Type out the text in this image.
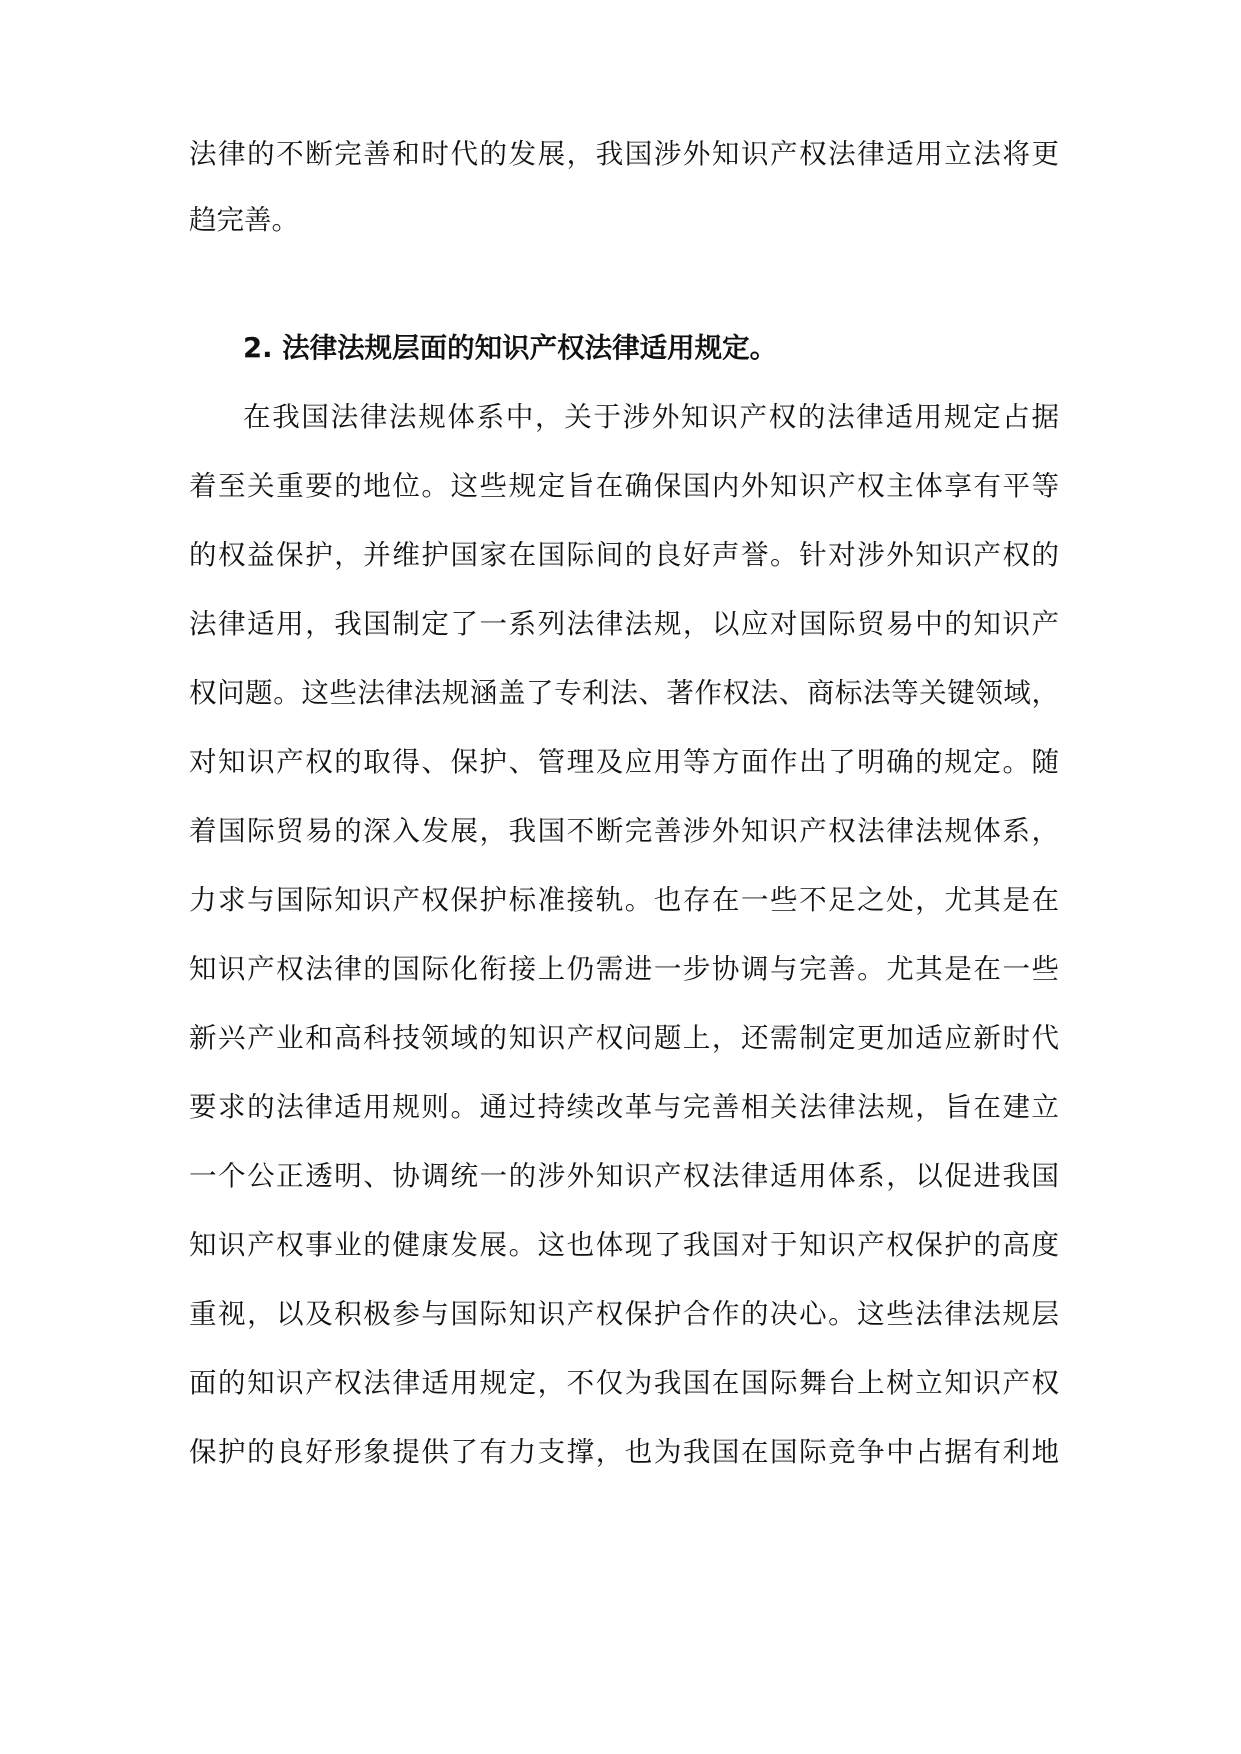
法律的不断完善和时代的发展，我国涉外知识产权法律适用立法将更
趋完善。
2. 法律法规层面的知识产权法律适用规定。
在我国法律法规体系中，关于涉外知识产权的法律适用规定占据
着至关重要的地位。这些规定旨在确保国内外知识产权主体享有平等
的权益保护，并维护国家在国际间的良好声誉。针对涉外知识产权的
法律适用，我国制定了一系列法律法规，以应对国际贸易中的知识产
权问题。这些法律法规涵盖了专利法、著作权法、商标法等关键领域，
对知识产权的取得、保护、管理及应用等方面作出了明确的规定。随
着国际贸易的深入发展，我国不断完善涉外知识产权法律法规体系，
力求与国际知识产权保护标准接轨。也存在一些不足之处，尤其是在
知识产权法律的国际化衔接上仍需进一步协调与完善。尤其是在一些
新兴产业和高科技领域的知识产权问题上，还需制定更加适应新时代
要求的法律适用规则。通过持续改革与完善相关法律法规，旨在建立
一个公正透明、协调统一的涉外知识产权法律适用体系，以促进我国
知识产权事业的健康发展。这也体现了我国对于知识产权保护的高度
重视，以及积极参与国际知识产权保护合作的决心。这些法律法规层
面的知识产权法律适用规定，不仅为我国在国际舞台上树立知识产权
保护的良好形象提供了有力支撑，也为我国在国际竞争中占据有利地
